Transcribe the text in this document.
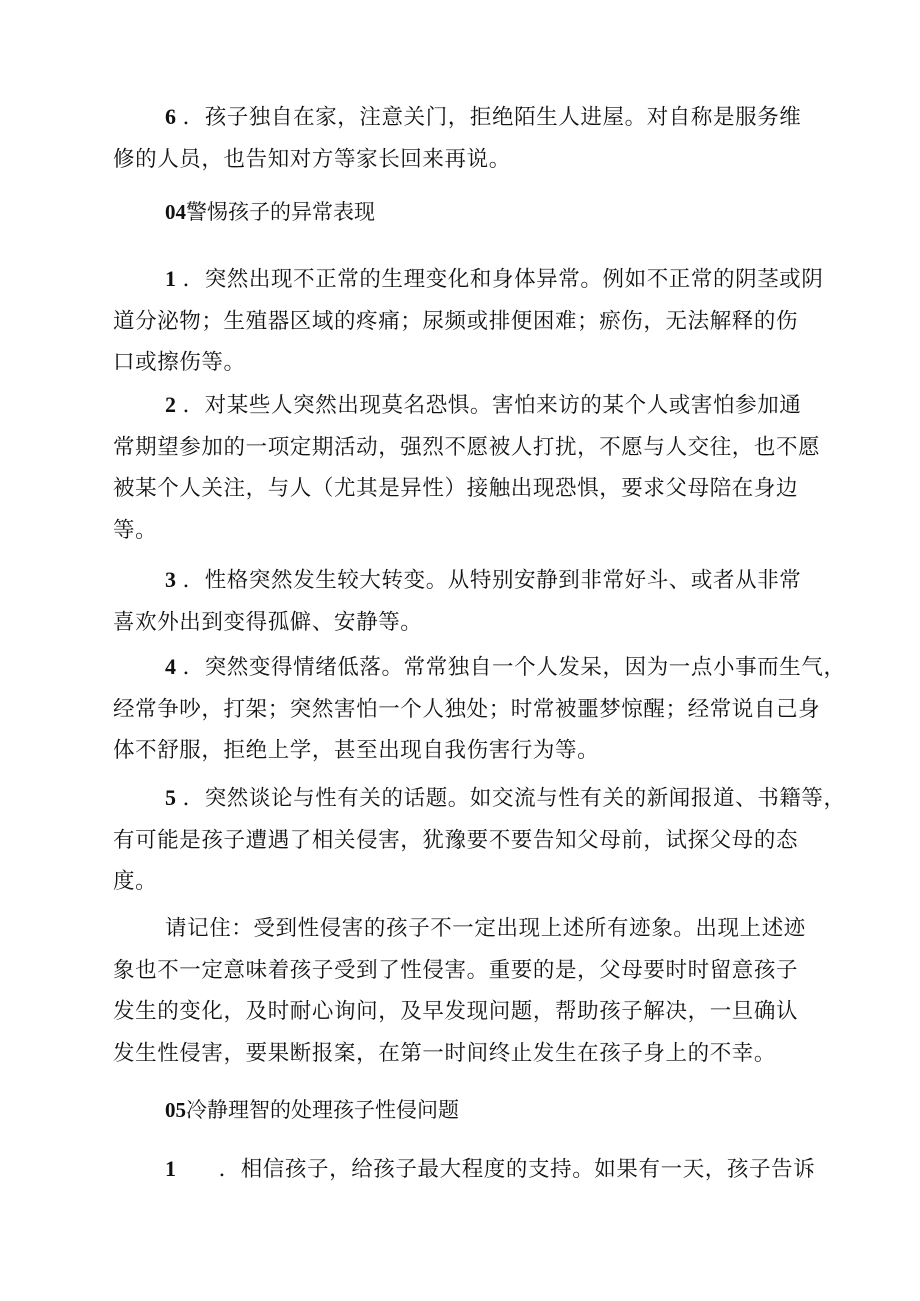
6 ．孩子独自在家，注意关门，拒绝陌生人进屋。对自称是服务维
修的人员，也告知对方等家长回来再说。

04警惕孩子的异常表现

1 ．突然出现不正常的生理变化和身体异常。例如不正常的阴茎或阴
道分泌物；生殖器区域的疼痛；尿频或排便困难；瘀伤，无法解释的伤
口或擦伤等。

2 ．对某些人突然出现莫名恐惧。害怕来访的某个人或害怕参加通
常期望参加的一项定期活动，强烈不愿被人打扰，不愿与人交往，也不愿
被某个人关注，与人（尤其是异性）接触出现恐惧，要求父母陪在身边
等。

3 ．性格突然发生较大转变。从特别安静到非常好斗、或者从非常
喜欢外出到变得孤僻、安静等。

4 ．突然变得情绪低落。常常独自一个人发呆，因为一点小事而生气，
经常争吵，打架；突然害怕一个人独处；时常被噩梦惊醒；经常说自己身
体不舒服，拒绝上学，甚至出现自我伤害行为等。

5 ．突然谈论与性有关的话题。如交流与性有关的新闻报道、书籍等，
有可能是孩子遭遇了相关侵害，犹豫要不要告知父母前，试探父母的态
度。

请记住：受到性侵害的孩子不一定出现上述所有迹象。出现上述迹
象也不一定意味着孩子受到了性侵害。重要的是，父母要时时留意孩子
发生的变化，及时耐心询问，及早发现问题，帮助孩子解决，一旦确认
发生性侵害，要果断报案，在第一时间终止发生在孩子身上的不幸。

05冷静理智的处理孩子性侵问题

1 ．相信孩子，给孩子最大程度的支持。如果有一天，孩子告诉
